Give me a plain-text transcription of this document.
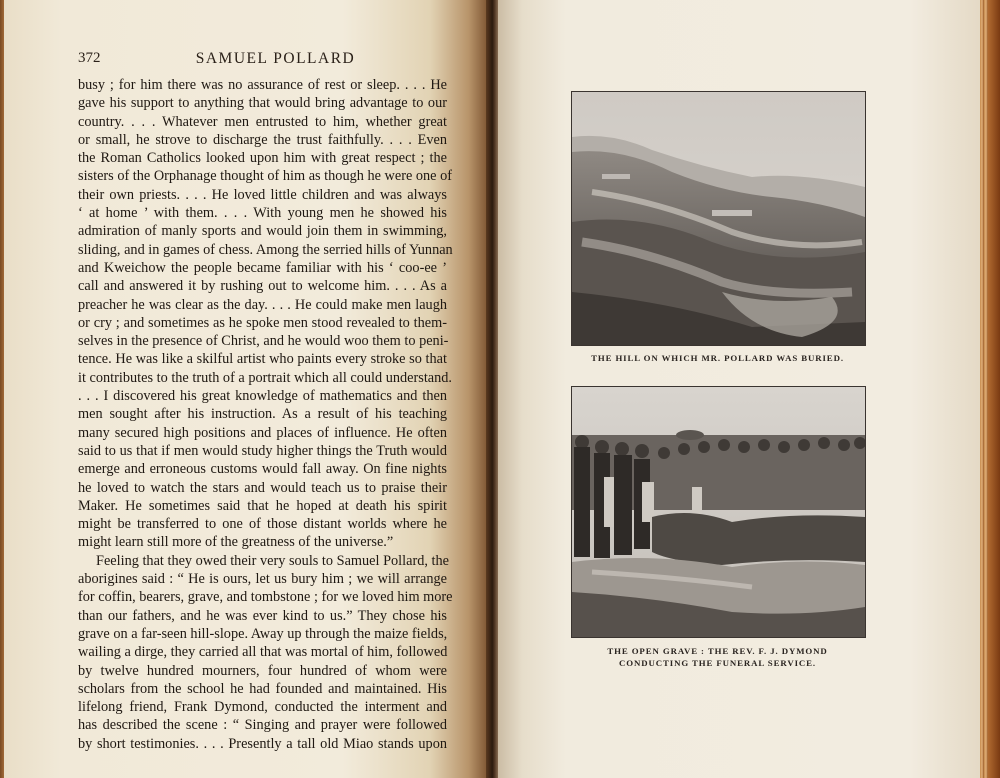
372	SAMUEL POLLARD
busy ; for him there was no assurance of rest or sleep. . . . He
gave his support to anything that would bring advantage to our
country. . . . Whatever men entrusted to him, whether great
or small, he strove to discharge the trust faithfully. . . . Even
the Roman Catholics looked upon him with great respect ; the
sisters of the Orphanage thought of him as though he were one of
their own priests. . . . He loved little children and was always
‘ at home ’ with them. . . . With young men he showed his
admiration of manly sports and would join them in swimming,
sliding, and in games of chess. Among the serried hills of Yunnan
and Kweichow the people became familiar with his ‘ coo-ee ’
call and answered it by rushing out to welcome him. . . . As a
preacher he was clear as the day. . . . He could make men laugh
or cry ; and sometimes as he spoke men stood revealed to them-
selves in the presence of Christ, and he would woo them to peni-
tence. He was like a skilful artist who paints every stroke so that
it contributes to the truth of a portrait which all could understand.
. . . I discovered his great knowledge of mathematics and then
men sought after his instruction. As a result of his teaching
many secured high positions and places of influence. He often
said to us that if men would study higher things the Truth would
emerge and erroneous customs would fall away. On fine nights
he loved to watch the stars and would teach us to praise their
Maker. He sometimes said that he hoped at death his spirit
might be transferred to one of those distant worlds where he
might learn still more of the greatness of the universe.”
Feeling that they owed their very souls to Samuel Pollard, the
aborigines said : “ He is ours, let us bury him ; we will arrange
for coffin, bearers, grave, and tombstone ; for we loved him more
than our fathers, and he was ever kind to us.” They chose his
grave on a far-seen hill-slope. Away up through the maize fields,
wailing a dirge, they carried all that was mortal of him, followed
by twelve hundred mourners, four hundred of whom were
scholars from the school he had founded and maintained. His
lifelong friend, Frank Dymond, conducted the interment and
has described the scene : “ Singing and prayer were followed
by short testimonies. . . . Presently a tall old Miao stands upon
THE HILL ON WHICH MR. POLLARD WAS BURIED.
THE OPEN GRAVE : THE REV. F. J. DYMOND
CONDUCTING THE FUNERAL SERVICE.
